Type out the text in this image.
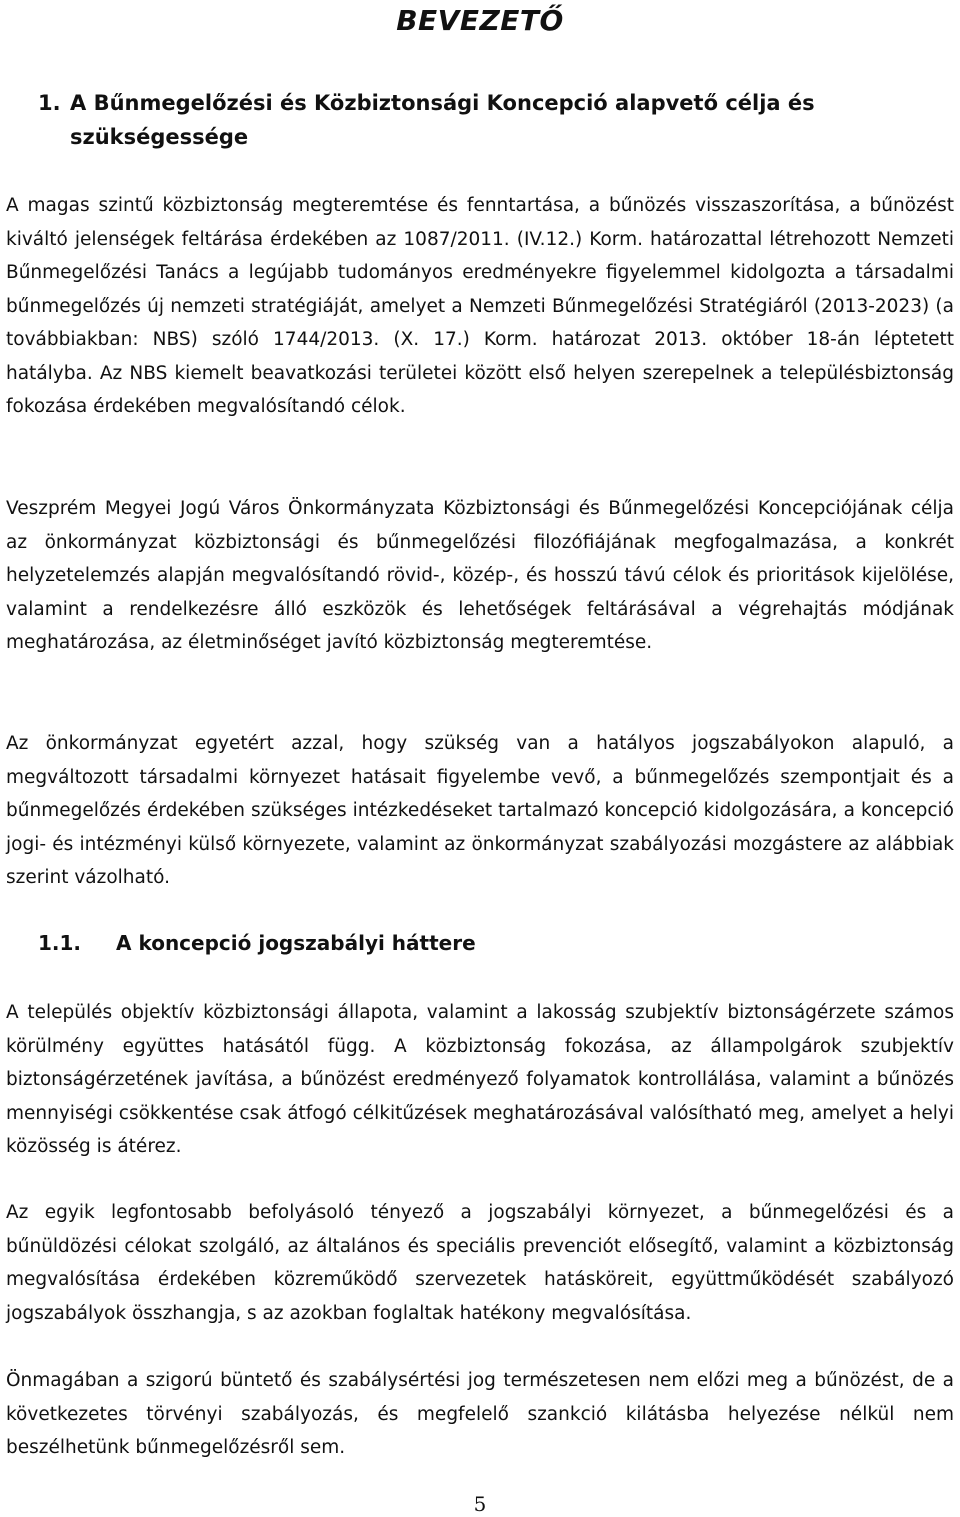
BEVEZETŐ
1. A Bűnmegelőzési és Közbiztonsági Koncepció alapvető célja és szükségessége

A magas szintű közbiztonság megteremtése és fenntartása, a bűnözés visszaszorítása, a bűnözést kiváltó jelenségek feltárása érdekében az 1087/2011. (IV.12.) Korm. határozattal létrehozott Nemzeti Bűnmegelőzési Tanács a legújabb tudományos eredményekre figyelemmel kidolgozta a társadalmi bűnmegelőzés új nemzeti stratégiáját, amelyet a Nemzeti Bűnmegelőzési Stratégiáról (2013-2023) (a továbbiakban: NBS) szóló 1744/2013. (X. 17.) Korm. határozat 2013. október 18-án léptetett hatályba. Az NBS kiemelt beavatkozási területei között első helyen szerepelnek a településbiztonság fokozása érdekében megvalósítandó célok.

Veszprém Megyei Jogú Város Önkormányzata Közbiztonsági és Bűnmegelőzési Koncepciójának célja az önkormányzat közbiztonsági és bűnmegelőzési filozófiájának megfogalmazása, a konkrét helyzetelemzés alapján megvalósítandó rövid-, közép-, és hosszú távú célok és prioritások kijelölése, valamint a rendelkezésre álló eszközök és lehetőségek feltárásával a végrehajtás módjának meghatározása, az életminőséget javító közbiztonság megteremtése.

Az önkormányzat egyetért azzal, hogy szükség van a hatályos jogszabályokon alapuló, a megváltozott társadalmi környezet hatásait figyelembe vevő, a bűnmegelőzés szempontjait és a bűnmegelőzés érdekében szükséges intézkedéseket tartalmazó koncepció kidolgozására, a koncepció jogi- és intézményi külső környezete, valamint az önkormányzat szabályozási mozgástere az alábbiak szerint vázolható.

1.1.	A koncepció jogszabályi háttere

A település objektív közbiztonsági állapota, valamint a lakosság szubjektív biztonságérzete számos körülmény együttes hatásától függ. A közbiztonság fokozása, az állampolgárok szubjektív biztonságérzetének javítása, a bűnözést eredményező folyamatok kontrollálása, valamint a bűnözés mennyiségi csökkentése csak átfogó célkitűzések meghatározásával valósítható meg, amelyet a helyi közösség is átérez.

Az egyik legfontosabb befolyásoló tényező a jogszabályi környezet, a bűnmegelőzési és a bűnüldözési célokat szolgáló, az általános és speciális prevenciót elősegítő, valamint a közbiztonság megvalósítása érdekében közreműködő szervezetek hatásköreit, együttműködését szabályozó jogszabályok összhangja, s az azokban foglaltak hatékony megvalósítása.

Önmagában a szigorú büntető és szabálysértési jog természetesen nem előzi meg a bűnözést, de a következetes törvényi szabályozás, és megfelelő szankció kilátásba helyezése nélkül nem beszélhetünk bűnmegelőzésről sem.

5
